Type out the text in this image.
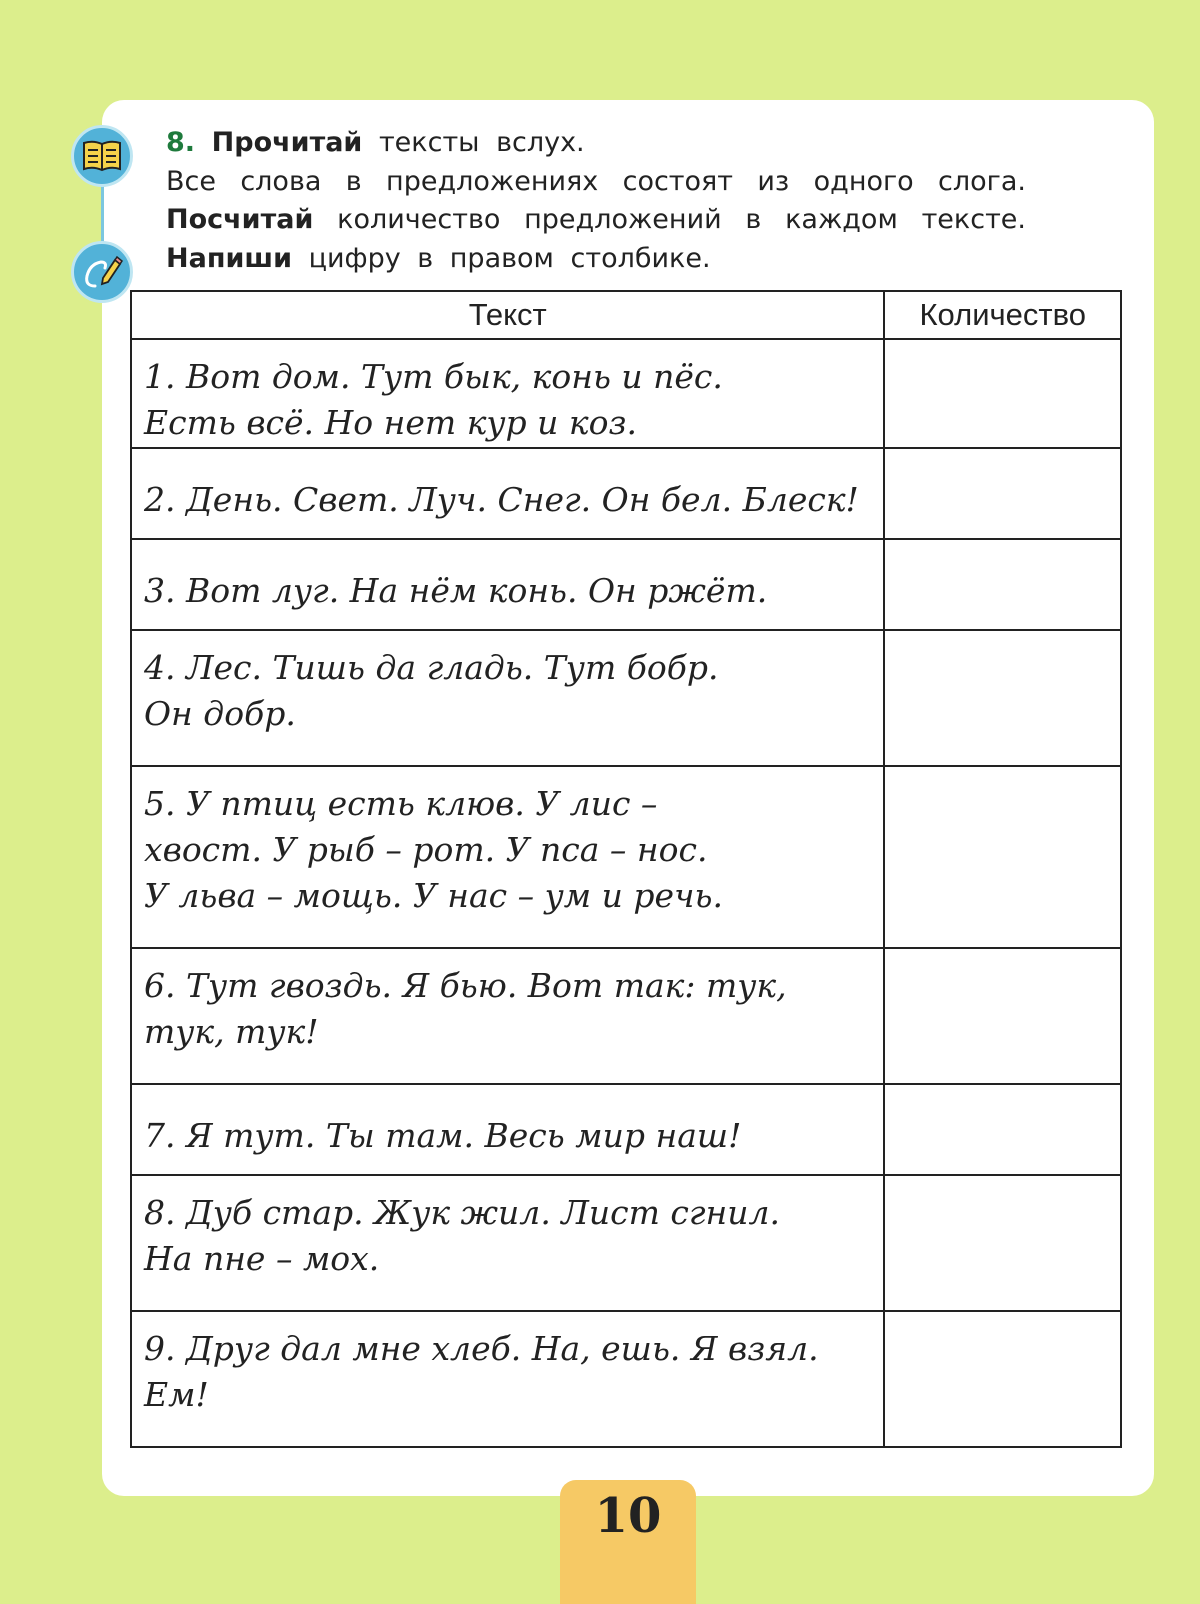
8. Прочитай тексты вслух.
Все слова в предложениях состоят из одного слога.
Посчитай количество предложений в каждом тексте.
Напиши цифру в правом столбике.
Текст	Количество

1. Вот дом. Тут бык, конь и пёс.
Есть всё. Но нет кур и коз.	

2. День. Свет. Луч. Снег. Он бел. Блеск!	

3. Вот луг. На нём конь. Он ржёт.	

4. Лес. Тишь да гладь. Тут бобр.
Он добр.	

5. У птиц есть клюв. У лис –
хвост. У рыб – рот. У пса – нос.
У льва – мощь. У нас – ум и речь.	

6. Тут гвоздь. Я бью. Вот так: тук,
тук, тук!	

7. Я тут. Ты там. Весь мир наш!	

8. Дуб стар. Жук жил. Лист сгнил.
На пне – мох.	

9. Друг дал мне хлеб. На, ешь. Я взял.
Ем!	

10
